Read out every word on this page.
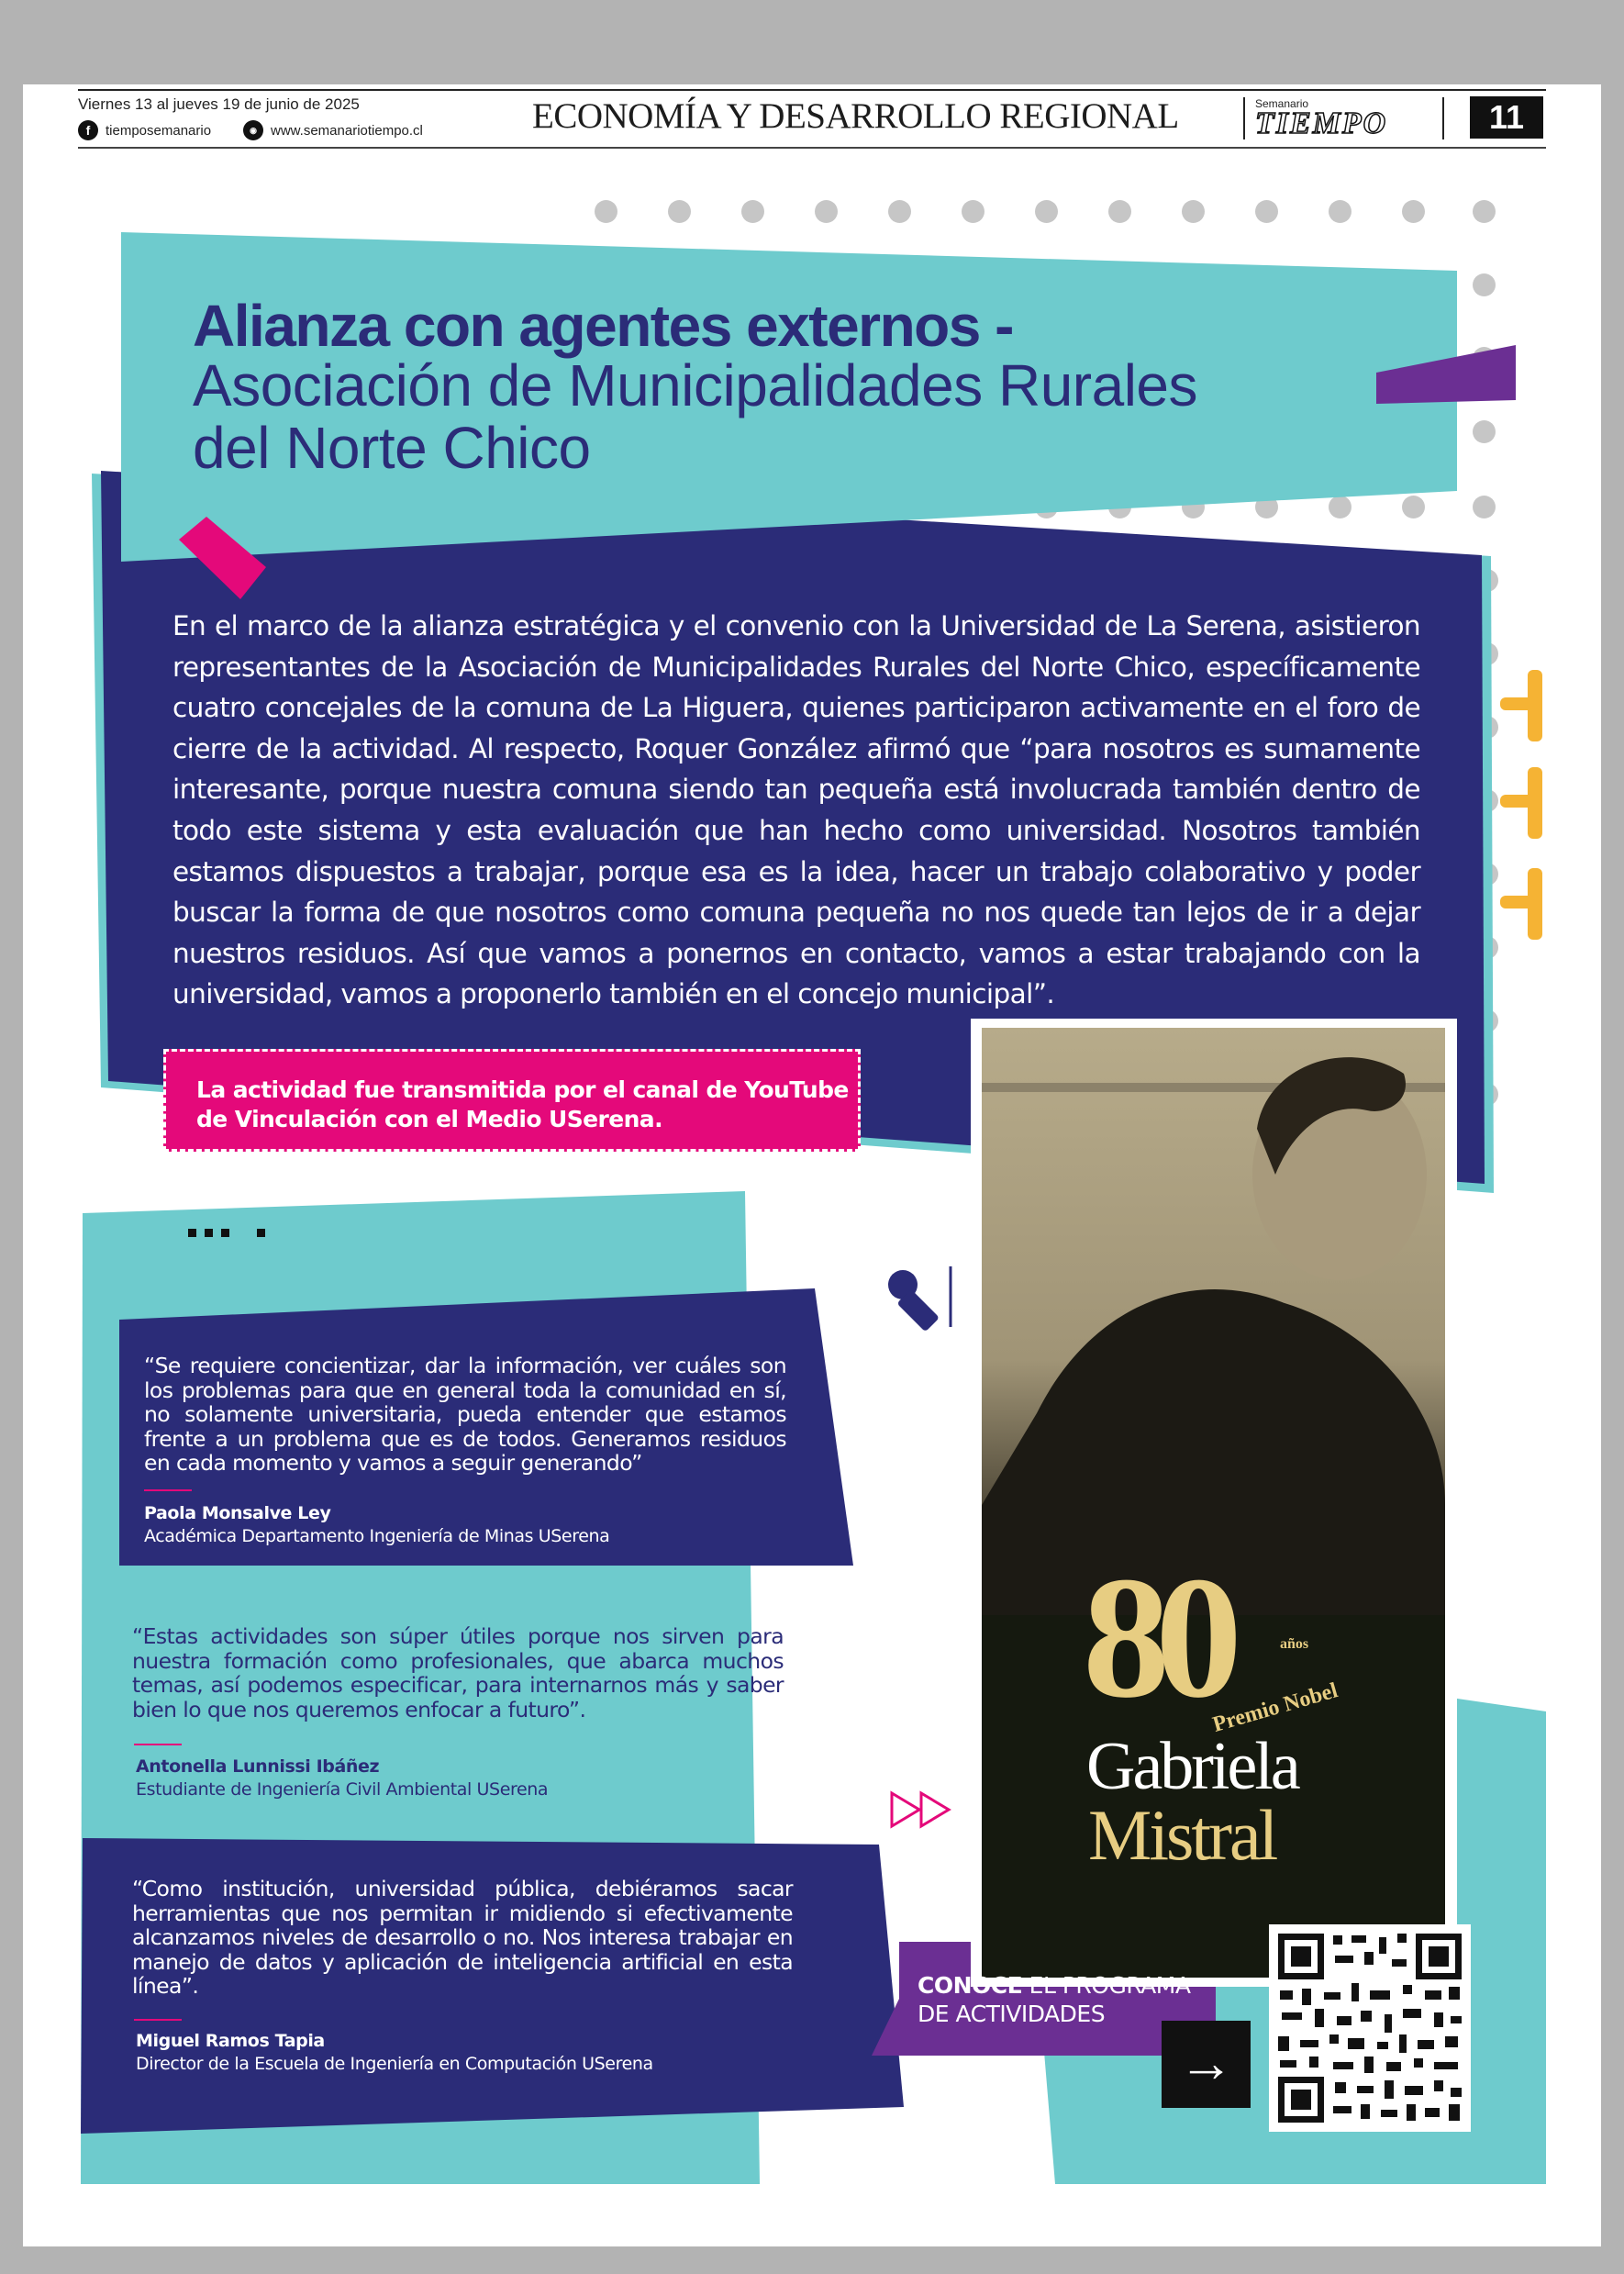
Viernes 13 al jueves 19 de junio de 2025
f	tiemposemanario	◉	www.semanariotiempo.cl	ECONOMÍA Y DESARROLLO REGIONAL	Semanario
TIEMPO	11
Alianza con agentes externos -
Asociación de Municipalidades Rurales del Norte Chico
En el marco de la alianza estratégica y el convenio con la Universidad de La Serena, asistieron representantes de la Asociación de Municipalidades Rurales del Norte Chico, específicamente cuatro concejales de la comuna de La Higuera, quienes participaron activamente en el foro de cierre de la actividad. Al respecto, Roquer González afirmó que “para nosotros es sumamente interesante, porque nuestra comuna siendo tan pequeña está involucrada también dentro de todo este sistema y esta evaluación que han hecho como universidad. Nosotros también estamos dispuestos a trabajar, porque esa es la idea, hacer un trabajo colaborativo y poder buscar la forma de que nosotros como comuna pequeña no nos quede tan lejos de ir a dejar nuestros residuos. Así que vamos a ponernos en contacto, vamos a estar trabajando con la universidad, vamos a proponerlo también en el concejo municipal”.
La actividad fue transmitida por el canal de YouTube de Vinculación con el Medio USerena.
80	años
Premio Nobel
Gabriela
Mistral
CONOCE EL PROGRAMA DE ACTIVIDADES
→
“Se requiere concientizar, dar la información, ver cuáles son los problemas para que en general toda la comunidad en sí, no solamente universitaria, pueda entender que estamos frente a un problema que es de todos. Generamos residuos en cada momento y vamos a seguir generando”
Paola Monsalve Ley
Académica Departamento Ingeniería de Minas USerena
“Estas actividades son súper útiles porque nos sirven para nuestra formación como profesionales, que abarca muchos temas, así podemos especificar, para internarnos más y saber bien lo que nos queremos enfocar a futuro”.
Antonella Lunnissi Ibáñez
Estudiante de Ingeniería Civil Ambiental USerena
“Como institución, universidad pública, debiéramos sacar herramientas que nos permitan ir midiendo si efectivamente alcanzamos niveles de desarrollo o no. Nos interesa trabajar en manejo de datos y aplicación de inteligencia artificial en esta línea”.
Miguel Ramos Tapia
Director de la Escuela de Ingeniería en Computación USerena
